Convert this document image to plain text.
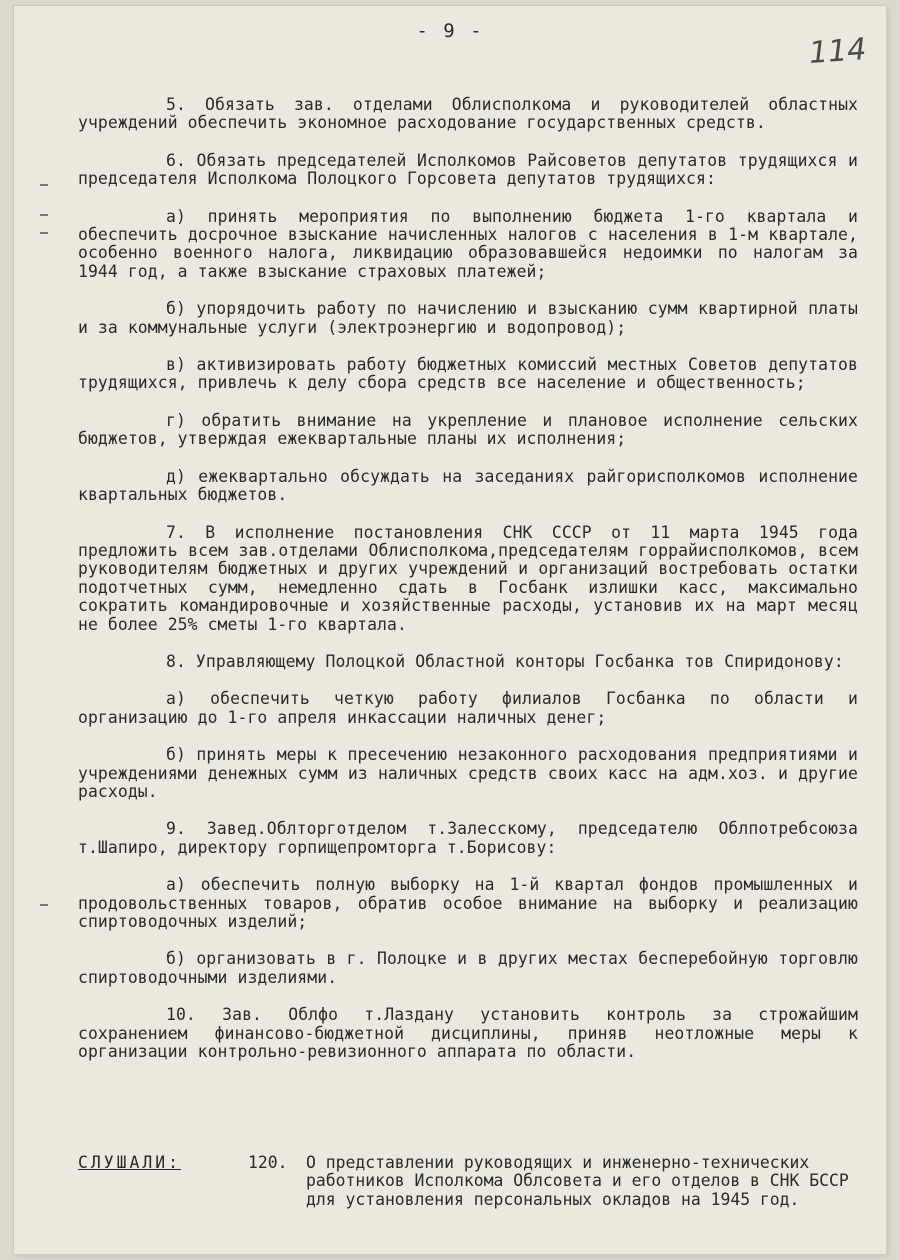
- 9 -
114

5. Обязать зав. отделами Облисполкома и руководителей областных учреждений обеспечить экономное расходование государственных средств.

6. Обязать председателей Исполкомов Райсоветов депутатов трудящихся и председателя Исполкома Полоцкого Горсовета депутатов трудящихся:

а) принять мероприятия по выполнению бюджета 1-го квартала и обеспечить досрочное взыскание начисленных налогов с населения в 1-м квартале, особенно военного налога, ликвидацию образовавшейся недоимки по налогам за 1944 год, а также взыскание страховых платежей;

б) упорядочить работу по начислению и взысканию сумм квартирной платы и за коммунальные услуги (электроэнергию и водопровод);

в) активизировать работу бюджетных комиссий местных Советов депутатов трудящихся, привлечь к делу сбора средств все население и общественность;

г) обратить внимание на укрепление и плановое исполнение сельских бюджетов, утверждая ежеквартальные планы их исполнения;

д) ежеквартально обсуждать на заседаниях райгорисполкомов исполнение квартальных бюджетов.

7. В исполнение постановления СНК СССР от 11 марта 1945 года предложить всем зав.отделами Облисполкома,председателям горрайисполкомов, всем руководителям бюджетных и других учреждений и организаций востребовать остатки подотчетных сумм, немедленно сдать в Госбанк излишки касс, максимально сократить командировочные и хозяйственные расходы, установив их на март месяц не более 25% сметы 1-го квартала.

8. Управляющему Полоцкой Областной конторы Госбанка тов Спиридонову:

а) обеспечить четкую работу филиалов Госбанка по области и организацию до 1-го апреля инкассации наличных денег;

б) принять меры к пресечению незаконного расходования предприятиями и учреждениями денежных сумм из наличных средств своих касс на адм.хоз. и другие расходы.

9. Завед.Облторготделом т.Залесскому, председателю Облпотребсоюза т.Шапиро, директору горпищепромторга т.Борисову:

а) обеспечить полную выборку на 1-й квартал фондов промышленных и продовольственных товаров, обратив особое внимание на выборку и реализацию спиртоводочных изделий;

б) организовать в г. Полоцке и в других местах бесперебойную торговлю спиртоводочными изделиями.

10. Зав. Облфо т.Лаздану установить контроль за строжайшим сохранением финансово-бюджетной дисциплины, приняв неотложные меры к организации контрольно-ревизионного аппарата по области.

СЛУШАЛИ:	120.	О представлении руководящих и инженерно-технических работников Исполкома Облсовета и его отделов в СНК БССР для установления персональных окладов на 1945 год.
